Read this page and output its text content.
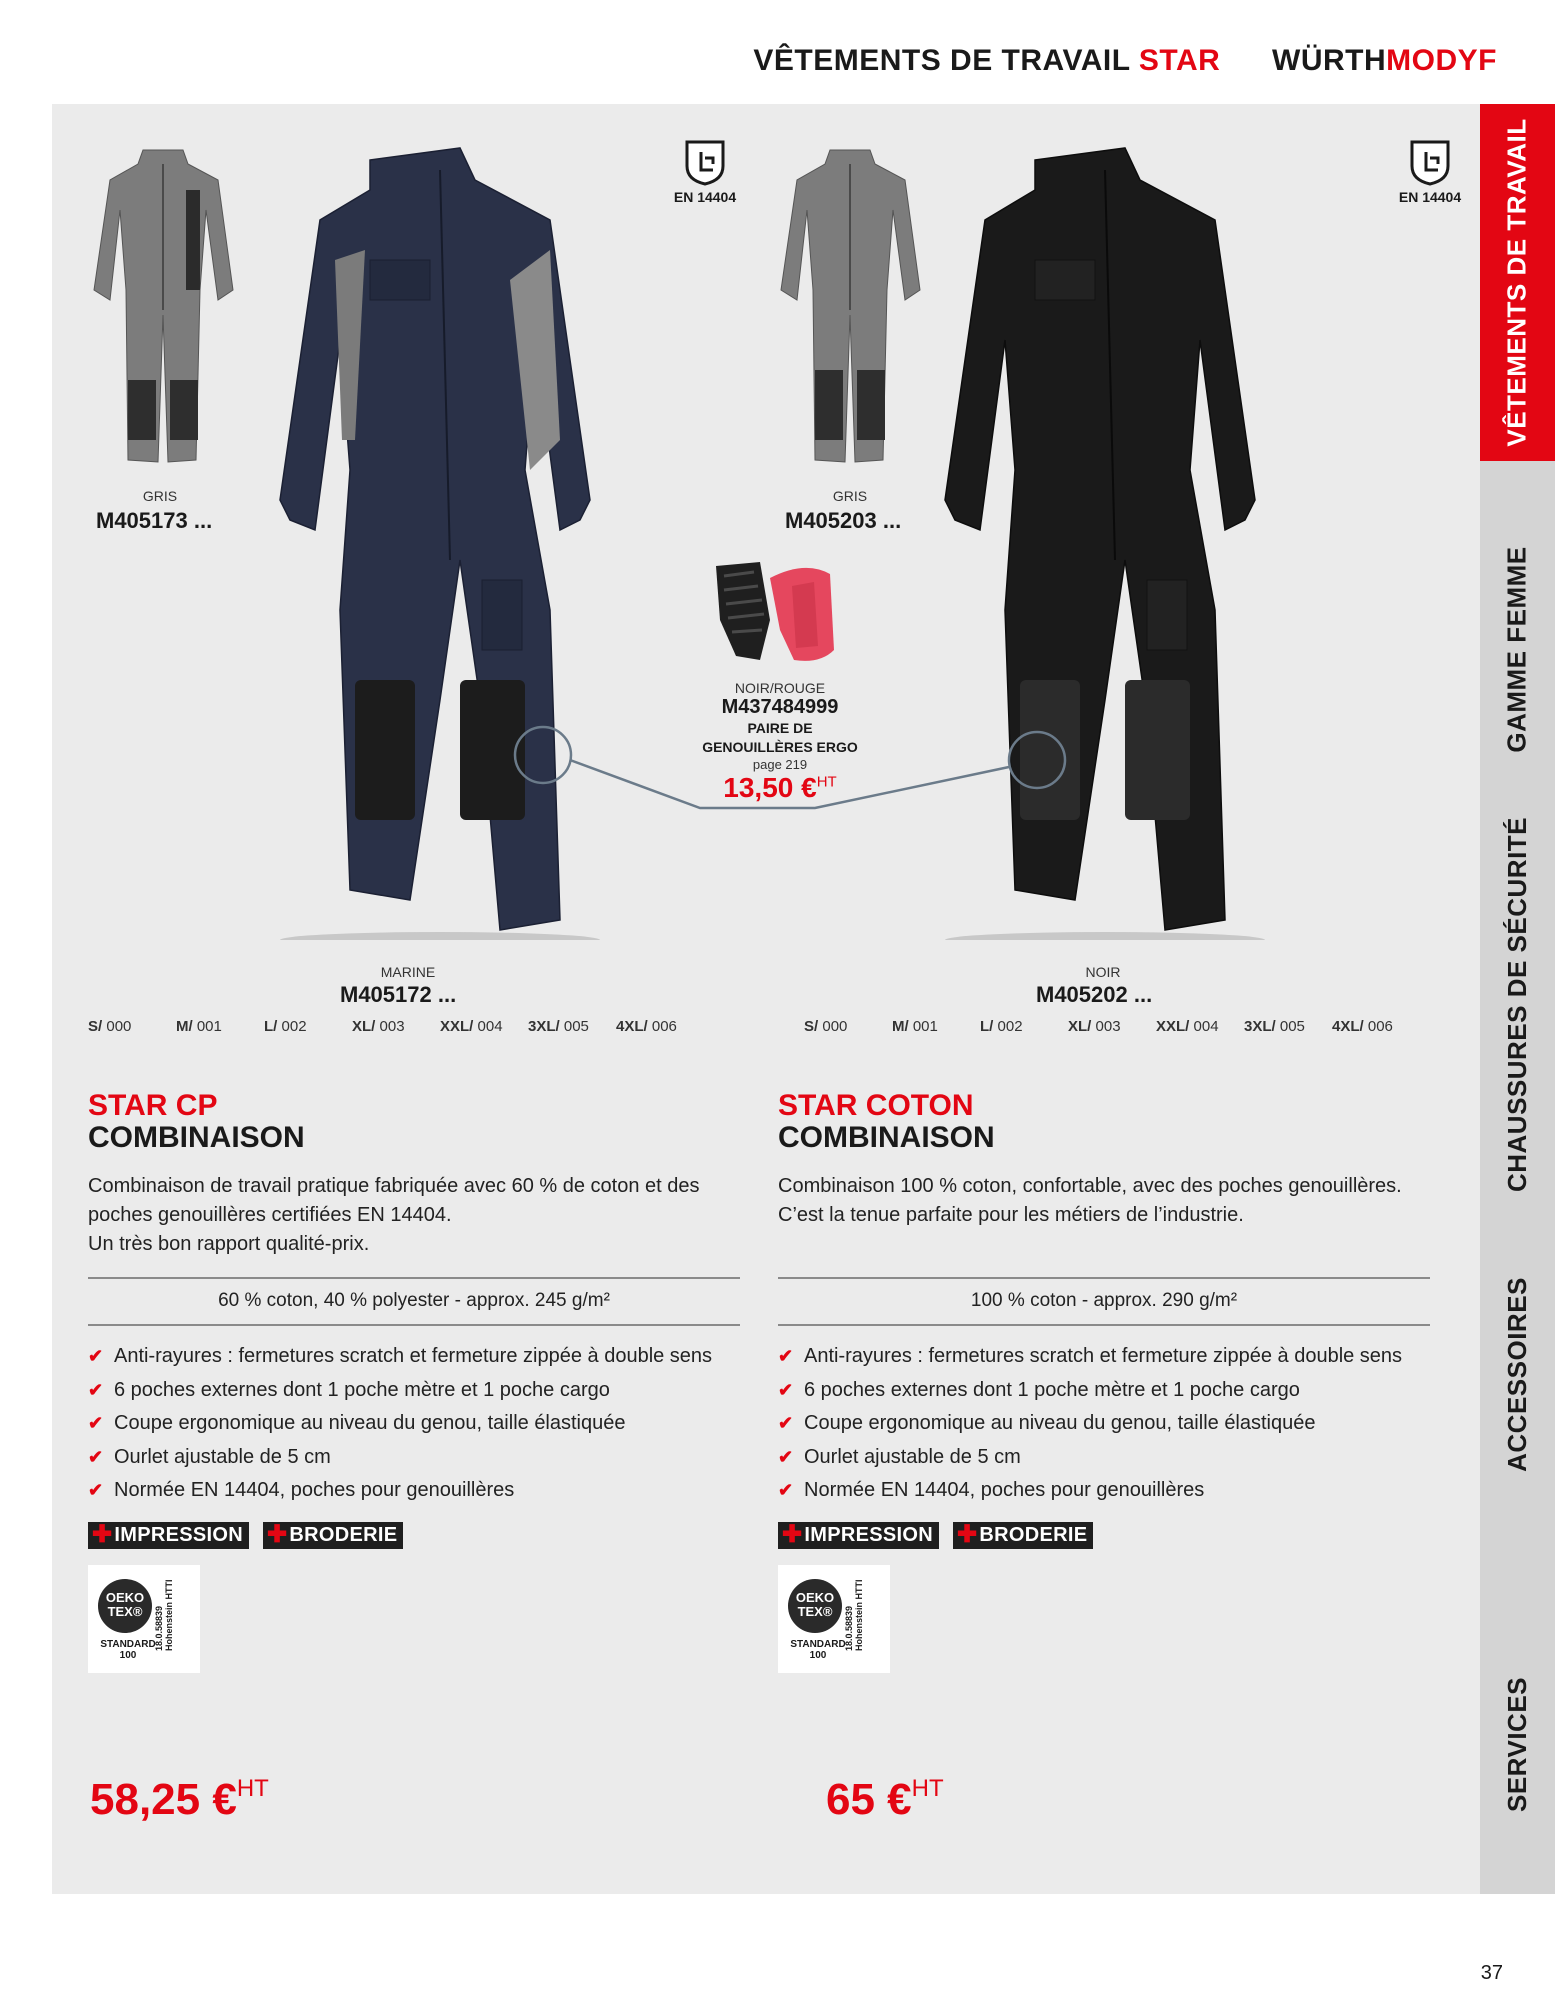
VÊTEMENTS DE TRAVAIL STAR WÜRTHMODYF
VÊTEMENTS DE TRAVAIL
GAMME FEMME
CHAUSSURES DE SÉCURITÉ
ACCESSOIRES
SERVICES
GRIS
M405173 ...
EN 14404
NOIR/ROUGE
M437484999
PAIRE DE
GENOUILLÈRES ERGO
page 219
13,50 €$^{HT}$
GRIS
M405203 ...
EN 14404
MARINE
M405172 ...
NOIR
M405202 ...
S/ 000	M/ 001	L/ 002	XL/ 003	XXL/ 004	3XL/ 005	4XL/ 006	S/ 000	M/ 001	L/ 002	XL/ 003	XXL/ 004	3XL/ 005	4XL/ 006
STAR CP
COMBINAISON
Combinaison de travail pratique fabriquée avec 60 % de coton et des
poches genouillères certifiées EN 14404.
Un très bon rapport qualité-prix.
60 % coton, 40 % polyester - approx. 245 g/m²
✔ Anti-rayures : fermetures scratch et fermeture zippée à double sens
✔ 6 poches externes dont 1 poche mètre et 1 poche cargo
✔ Coupe ergonomique au niveau du genou, taille élastiquée
✔ Ourlet ajustable de 5 cm
✔ Normée EN 14404, poches pour genouillères
✚ IMPRESSION ✚ BRODERIE
OEKO
TEX®
STANDARD
100
18.0.58839 Hohenstein HTTI
58,25 €$^{HT}$
STAR COTON
COMBINAISON
Combinaison 100 % coton, confortable, avec des poches genouillères.
C’est la tenue parfaite pour les métiers de l’industrie.
100 % coton - approx. 290 g/m²
✔ Anti-rayures : fermetures scratch et fermeture zippée à double sens
✔ 6 poches externes dont 1 poche mètre et 1 poche cargo
✔ Coupe ergonomique au niveau du genou, taille élastiquée
✔ Ourlet ajustable de 5 cm
✔ Normée EN 14404, poches pour genouillères
✚ IMPRESSION ✚ BRODERIE
OEKO
TEX®
STANDARD
100
18.0.58839 Hohenstein HTTI
65 €$^{HT}$
37
